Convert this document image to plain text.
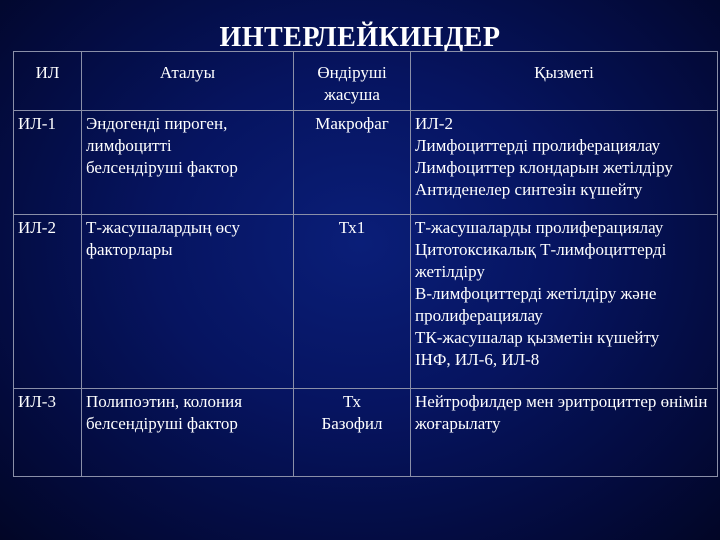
ИНТЕРЛЕЙКИНДЕР
ИЛ	Аталуы	Өндіруші жасуша	Қызметі
ИЛ-1	Эндогенді пироген, лимфоцитті белсендіруші фактор	Макрофаг	ИЛ-2
Лимфоциттерді пролиферациялау
Лимфоциттер клондарын жетілдіру
Антиденелер синтезін күшейту

ИЛ-2	Т-жасушалардың өсу факторлары	Тх1	Т-жасушаларды пролиферациялау
Цитотоксикалық Т-лимфоциттерді жетілдіру
В-лимфоциттерді жетілдіру және пролиферациялау
ТК-жасушалар қызметін күшейту
ІНФ, ИЛ-6, ИЛ-8

ИЛ-3	Полипоэтин, колония белсендіруші фактор	Тх Базофил	Нейтрофилдер мен эритроциттер өнімін жоғарылату
